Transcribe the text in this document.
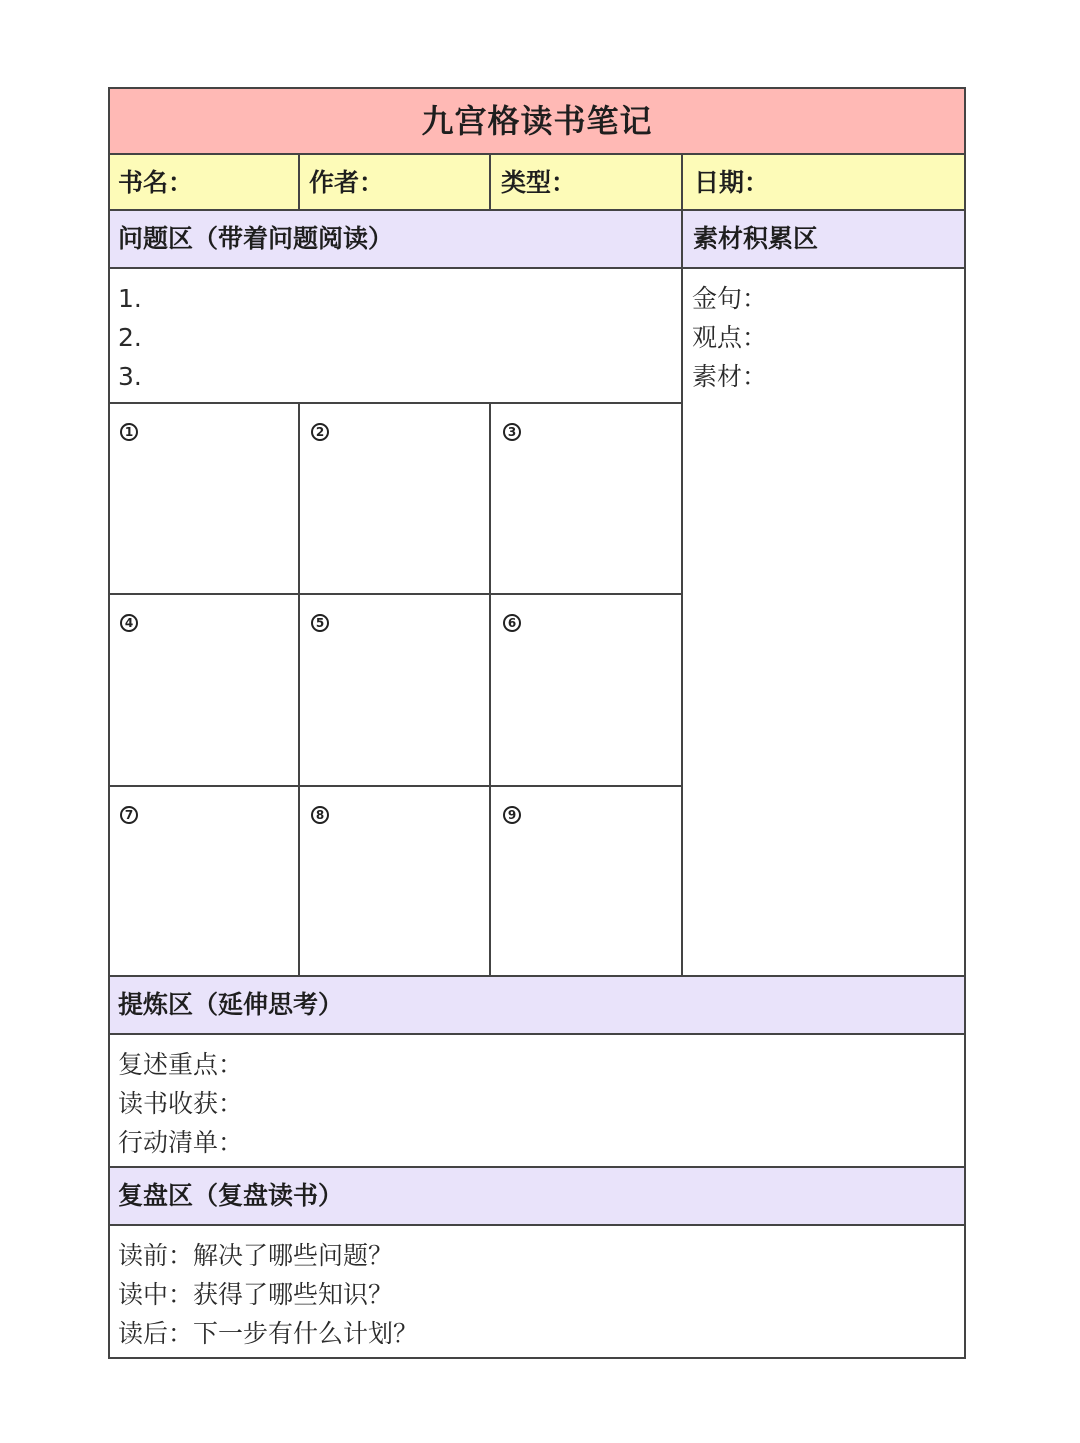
九宫格读书笔记
书名：	作者：	类型：	日期：
问题区（带着问题阅读）	素材积累区
1.
2.
3.
金句：
观点：
素材：
1	2	3
4	5	6
7	8	9
提炼区（延伸思考）
复述重点：
读书收获：
行动清单：
复盘区（复盘读书）
读前：解决了哪些问题？
读中：获得了哪些知识？
读后：下一步有什么计划？
